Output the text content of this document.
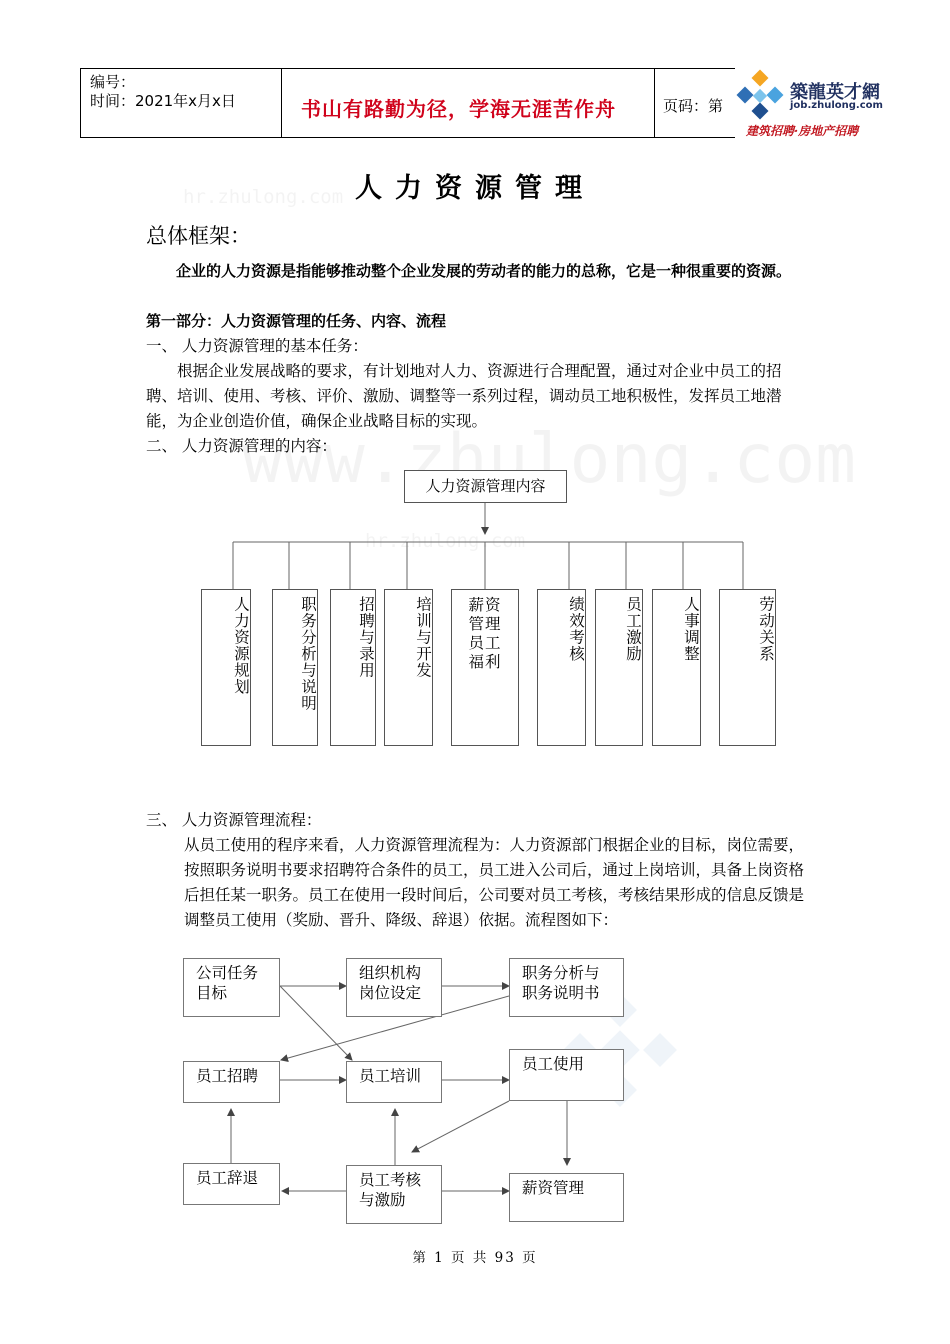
编号：
时间：2021年x月x日	书山有路勤为径，学海无涯苦作舟	页码：第
築龍英才網
job.zhulong.com
建筑招聘·房地产招聘
人力资源管理
总体框架：
企业的人力资源是指能够推动整个企业发展的劳动者的能力的总称，它是一种很重要的资源。
第一部分：人力资源管理的任务、内容、流程
一、 人力资源管理的基本任务：
根据企业发展战略的要求，有计划地对人力、资源进行合理配置，通过对企业中员工的招聘、培训、使用、考核、评价、激励、调整等一系列过程，调动员工地积极性，发挥员工地潜能，为企业创造价值，确保企业战略目标的实现。
二、 人力资源管理的内容：
人力资源管理内容
人力资源规划	职务分析与说明	招聘与录用	培训与开发	薪资管理员工福利	绩效考核	员工激励	人事调整	劳动关系
三、 人力资源管理流程：
从员工使用的程序来看，人力资源管理流程为：人力资源部门根据企业的目标，岗位需要，按照职务说明书要求招聘符合条件的员工，员工进入公司后，通过上岗培训，具备上岗资格后担任某一职务。员工在使用一段时间后，公司要对员工考核，考核结果形成的信息反馈是调整员工使用（奖励、晋升、降级、辞退）依据。流程图如下：
公司任务目标
组织机构岗位设定
职务分析与职务说明书
员工招聘	员工培训
员工使用
员工辞退	员工考核与激励
薪资管理
第 1 页 共 93 页
